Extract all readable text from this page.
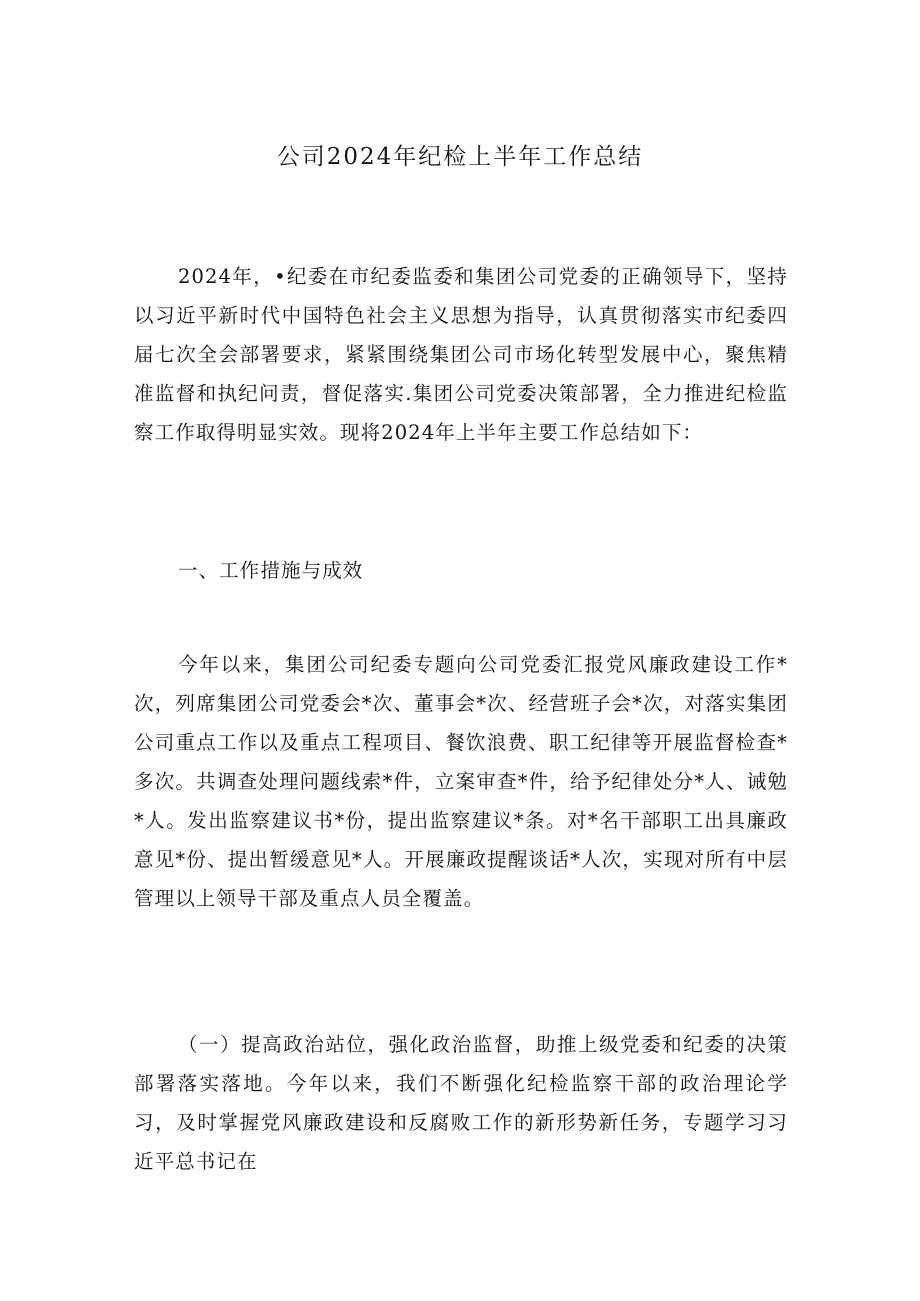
公司2024年纪检上半年工作总结

2024年，•纪委在市纪委监委和集团公司党委的正确领导下，坚持以习近平新时代中国特色社会主义思想为指导，认真贯彻落实市纪委四届七次全会部署要求，紧紧围绕集团公司市场化转型发展中心，聚焦精准监督和执纪问责，督促落实.集团公司党委决策部署，全力推进纪检监察工作取得明显实效。现将2024年上半年主要工作总结如下：

一、工作措施与成效

今年以来，集团公司纪委专题向公司党委汇报党风廉政建设工作*次，列席集团公司党委会*次、董事会*次、经营班子会*次，对落实集团公司重点工作以及重点工程项目、餐饮浪费、职工纪律等开展监督检查*多次。共调查处理问题线索*件，立案审查*件，给予纪律处分*人、诫勉*人。发出监察建议书*份，提出监察建议*条。对*名干部职工出具廉政意见*份、提出暂缓意见*人。开展廉政提醒谈话*人次，实现对所有中层管理以上领导干部及重点人员全覆盖。

（一）提高政治站位，强化政治监督，助推上级党委和纪委的决策部署落实落地。今年以来，我们不断强化纪检监察干部的政治理论学习，及时掌握党风廉政建设和反腐败工作的新形势新任务，专题学习习近平总书记在
